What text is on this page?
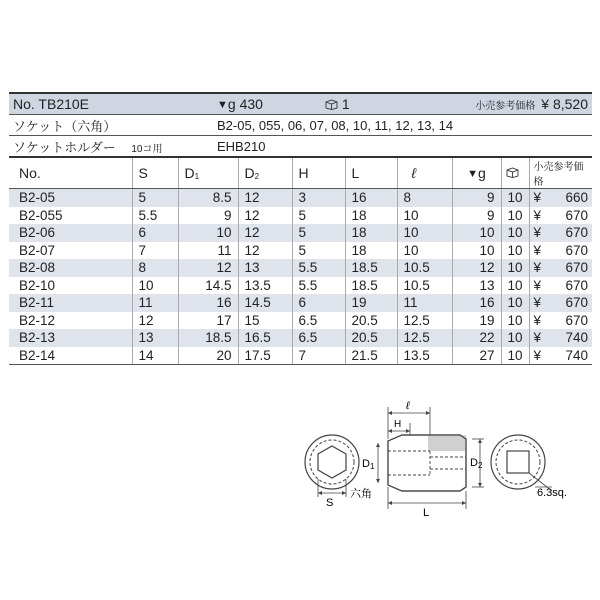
No. TB210E	▼g 430	1	小売参考価格 ¥ 8,520
ソケット（六角）	B2-05, 055, 06, 07, 08, 10, 11, 12, 13, 14		
ソケットホルダー 10コ用	EHB210		
No.	S	$D_1$	$D_2$	H	L	ℓ	▼g		小売参考価格
B2-05	5	8.5	12	3	16	8	9	10	¥ 660

B2-055	5.5	9	12	5	18	10	9	10	¥ 670

B2-06	6	10	12	5	18	10	10	10	¥ 670

B2-07	7	11	12	5	18	10	10	10	¥ 670

B2-08	8	12	13	5.5	18.5	10.5	12	10	¥ 670

B2-10	10	14.5	13.5	5.5	18.5	10.5	13	10	¥ 670

B2-11	11	16	14.5	6	19	11	16	10	¥ 670

B2-12	12	17	15	6.5	20.5	12.5	19	10	¥ 670

B2-13	13	18.5	16.5	6.5	20.5	12.5	22	10	¥ 740

B2-14	14	20	17.5	7	21.5	13.5	27	10	¥ 740
S
六角
D1
ℓ
H
L
D2
6.3sq.
